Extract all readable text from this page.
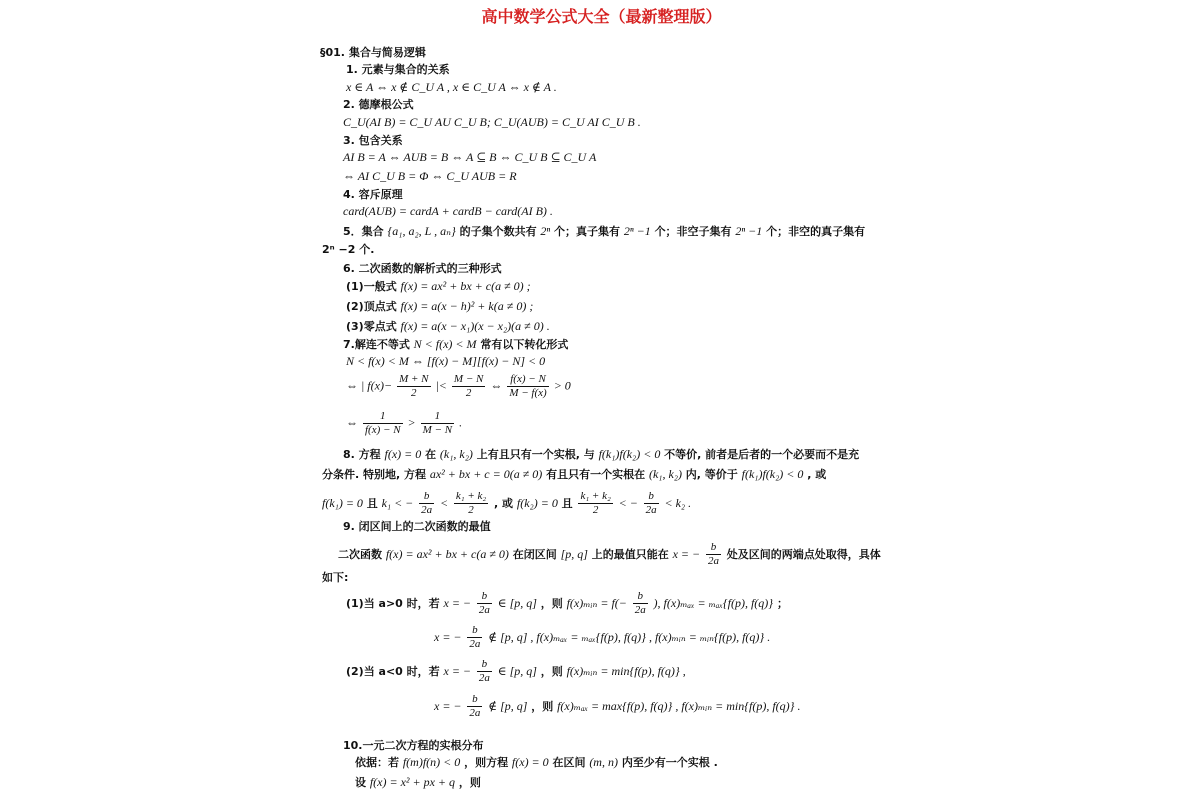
高中数学公式大全（最新整理版）
§01. 集合与简易逻辑
1. 元素与集合的关系
x ∈ A ⇔ x ∉ C_U A , x ∈ C_U A ⇔ x ∉ A .
2. 德摩根公式
C_U(AI B) = C_U AU C_U B; C_U(AUB) = C_U AI C_U B .
3. 包含关系
AI B = A ⇔ AUB = B ⇔ A ⊆ B ⇔ C_U B ⊆ C_U A
⇔ AI C_U B = Φ ⇔ C_U AUB = R
4. 容斥原理
card(AUB) = cardA + cardB − card(AI B) .
5．集合 {a₁, a₂, L , aₙ} 的子集个数共有 2ⁿ 个；真子集有 2ⁿ −1 个；非空子集有 2ⁿ −1 个；非空的真子集有
2ⁿ −2 个.
6. 二次函数的解析式的三种形式
(1)一般式 f(x) = ax² + bx + c(a ≠ 0) ;
(2)顶点式 f(x) = a(x − h)² + k(a ≠ 0) ;
(3)零点式 f(x) = a(x − x₁)(x − x₂)(a ≠ 0) .
7.解连不等式 N < f(x) < M 常有以下转化形式
N < f(x) < M ⇔ [f(x) − M][f(x) − N] < 0
⇔ | $f(x)- \frac{M + N}{2}$ |< $\frac{M - N}{2}$ ⇔ $\frac{f(x) - N}{M - f(x)} > 0$
⇔ $\frac{1}{f(x) - N} > \frac{1}{M - N}$ .
8. 方程 f(x) = 0 在 (k₁, k₂) 上有且只有一个实根, 与 f(k₁)f(k₂) < 0 不等价, 前者是后者的一个必要而不是充
分条件. 特别地, 方程 ax² + bx + c = 0(a ≠ 0) 有且只有一个实根在 (k₁, k₂) 内, 等价于 f(k₁)f(k₂) < 0 , 或
f(k₁) = 0 且 k₁ < − $\frac{b}{2a} < \frac{\text{k₁ + k₂}}{2}$ , 或 f(k₂) = 0 且 $\frac{\text{k₁ + k₂}}{2}$ < − $\frac{b}{2a} < k_2$ .
9. 闭区间上的二次函数的最值
二次函数 f(x) = ax² + bx + c(a ≠ 0) 在闭区间 [p, q] 上的最值只能在 x = − $\frac{b}{2a}$ 处及区间的两端点处取得，具体
如下:
(1)当 a>0 时，若 x = − $\frac{b}{2a}$ ∈ [p, q] ，则 f(x)ₘᵢₙ = $f(- \frac{b}{2a}$ ), f(x)ₘₐₓ = ₘₐₓ{f(p), f(q)} ；
x = − $\frac{b}{2a}$ ∉ [p, q] , f(x)ₘₐₓ = ₘₐₓ{f(p), f(q)} , f(x)ₘᵢₙ = ₘᵢₙ{f(p), f(q)} .
(2)当 a<0 时，若 x = − $\frac{b}{2a}$ ∈ [p, q] ，则 f(x)ₘᵢₙ = min{f(p), f(q)} ,
x = − $\frac{b}{2a}$ ∉ [p, q] ，则 f(x)ₘₐₓ = max{f(p), f(q)} , f(x)ₘᵢₙ = min{f(p), f(q)} .
10.一元二次方程的实根分布
依据：若 f(m)f(n) < 0 ，则方程 f(x) = 0 在区间 (m, n) 内至少有一个实根 .
设 f(x) = x² + px + q ，则
